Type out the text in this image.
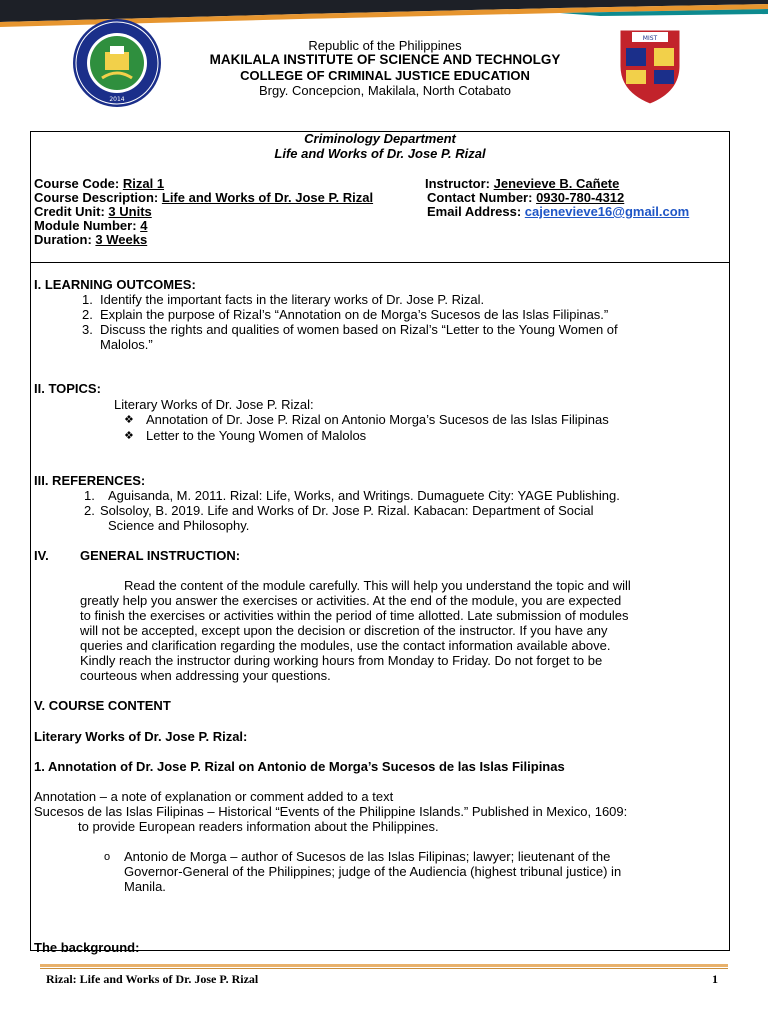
2014
MIST
Republic of the Philippines
MAKILALA INSTITUTE OF SCIENCE AND TECHNOLGY
COLLEGE OF CRIMINAL JUSTICE EDUCATION
Brgy. Concepcion, Makilala, North Cotabato
Criminology Department
Life and Works of Dr. Jose P. Rizal
Course Code: Rizal 1
Course Description: Life and Works of Dr. Jose P. Rizal
Credit Unit: 3 Units
Module Number: 4
Duration: 3 Weeks
Instructor: Jenevieve B. Cañete
Contact Number: 0930-780-4312
Email Address: cajenevieve16@gmail.com
I. LEARNING OUTCOMES:
1. Identify the important facts in the literary works of Dr. Jose P. Rizal.
2. Explain the purpose of Rizal’s “Annotation on de Morga’s Sucesos de las Islas Filipinas.”
3. Discuss the rights and qualities of women based on Rizal’s “Letter to the Young Women of
Malolos.”
II. TOPICS:
Literary Works of Dr. Jose P. Rizal:
❖ Annotation of Dr. Jose P. Rizal on Antonio Morga’s Sucesos de las Islas Filipinas
❖ Letter to the Young Women of Malolos
III. REFERENCES:
1. Aguisanda, M. 2011. Rizal: Life, Works, and Writings. Dumaguete City: YAGE Publishing.
2. Solsoloy, B. 2019. Life and Works of Dr. Jose P. Rizal. Kabacan: Department of Social
Science and Philosophy.
IV. GENERAL INSTRUCTION:
Read the content of the module carefully. This will help you understand the topic and will
greatly help you answer the exercises or activities. At the end of the module, you are expected
to finish the exercises or activities within the period of time allotted. Late submission of modules
will not be accepted, except upon the decision or discretion of the instructor. If you have any
queries and clarification regarding the modules, use the contact information available above.
Kindly reach the instructor during working hours from Monday to Friday. Do not forget to be
courteous when addressing your questions.
V. COURSE CONTENT
Literary Works of Dr. Jose P. Rizal:
1. Annotation of Dr. Jose P. Rizal on Antonio de Morga’s Sucesos de las Islas Filipinas
Annotation – a note of explanation or comment added to a text
Sucesos de las Islas Filipinas – Historical “Events of the Philippine Islands.” Published in Mexico, 1609:
to provide European readers information about the Philippines.
o Antonio de Morga – author of Sucesos de las Islas Filipinas; lawyer; lieutenant of the
Governor-General of the Philippines; judge of the Audiencia (highest tribunal justice) in
Manila.
The background:
Rizal: Life and Works of Dr. Jose P. Rizal	1
